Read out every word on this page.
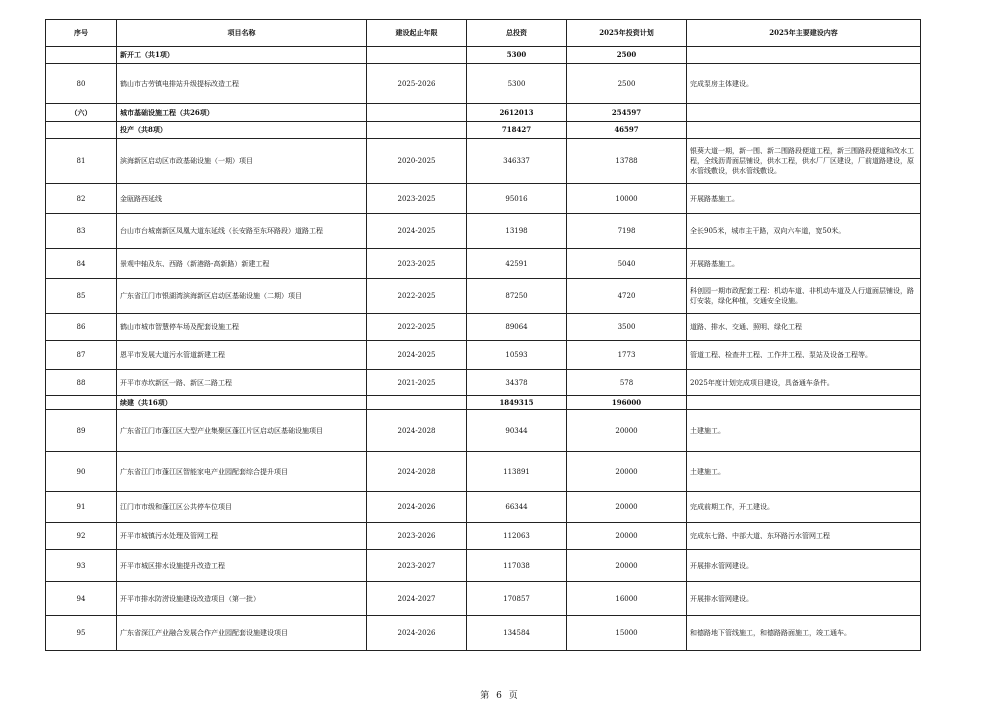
序号	项目名称	建设起止年限	总投资	2025年投资计划	2025年主要建设内容
	新开工（共1项）		5300	2500	
80	鹤山市古劳镇电排站升级提标改造工程	2025-2026	5300	2500	完成泵房主体建设。
（六）	城市基础设施工程（共26项）		2612013	254597	
	投产（共8项）		718427	46597	
81	滨海新区启动区市政基础设施（一期）项目	2020-2025	346337	13788	银葵大道一期，新一围、新二围路段便道工程，新三围路段便道和改水工程，全线沥青面层铺设，供水工程，供水厂厂区建设，厂前道路建设，原水管线敷设，供水管线敷设。
82	金瓯路西延线	2023-2025	95016	10000	开展路基施工。
83	台山市台城南新区凤凰大道东延线（长安路至东环路段）道路工程	2024-2025	13198	7198	全长905米，城市主干路，双向六车道，宽50米。
84	景观中轴及东、西路（新港路-高新路）新建工程	2023-2025	42591	5040	开展路基施工。
85	广东省江门市银湖湾滨海新区启动区基础设施（二期）项目	2022-2025	87250	4720	科创园一期市政配套工程：机动车道、非机动车道及人行道面层铺设，路灯安装，绿化种植，交通安全设施。
86	鹤山市城市智慧停车场及配套设施工程	2022-2025	89064	3500	道路、排水、交通、照明、绿化工程
87	恩平市发展大道污水管道新建工程	2024-2025	10593	1773	管道工程、检查井工程、工作井工程、泵站及设备工程等。
88	开平市赤坎新区一路、新区二路工程	2021-2025	34378	578	2025年度计划完成项目建设，具备通车条件。
	续建（共16项）		1849315	196000	
89	广东省江门市蓬江区大型产业集聚区蓬江片区启动区基础设施项目	2024-2028	90344	20000	土建施工。
90	广东省江门市蓬江区智能家电产业园配套综合提升项目	2024-2028	113891	20000	土建施工。
91	江门市市级和蓬江区公共停车位项目	2024-2026	66344	20000	完成前期工作，开工建设。
92	开平市城镇污水处理及管网工程	2023-2026	112063	20000	完成东七路、中部大道、东环路污水管网工程
93	开平市城区排水设施提升改造工程	2023-2027	117038	20000	开展排水管网建设。
94	开平市排水防涝设施建设改造项目（第一批）	2024-2027	170857	16000	开展排水管网建设。
95	广东省深江产业融合发展合作产业园配套设施建设项目	2024-2026	134584	15000	和德路地下管线施工，和德路路面施工，竣工通车。
第 6 页
